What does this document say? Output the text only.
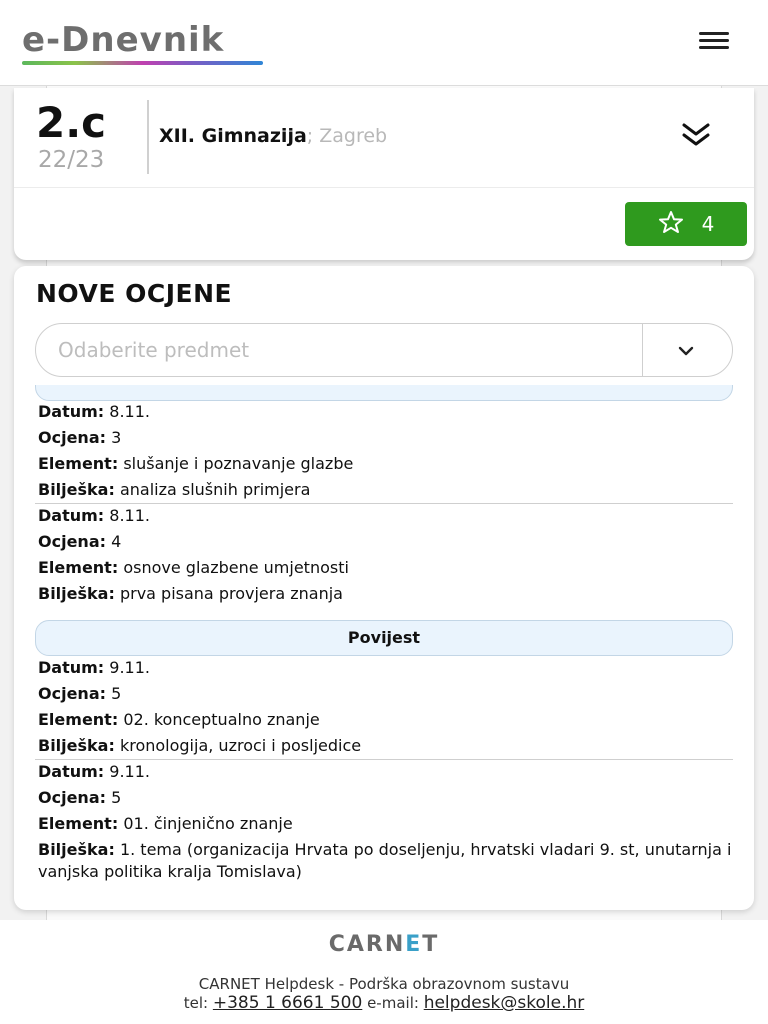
e-Dnevnik
2.c
22/23
XII. Gimnazija; Zagreb
4
NOVE OCJENE
Odaberite predmet
Datum: 8.11.
Ocjena: 3
Element: slušanje i poznavanje glazbe
Bilješka: analiza slušnih primjera
Datum: 8.11.
Ocjena: 4
Element: osnove glazbene umjetnosti
Bilješka: prva pisana provjera znanja
Povijest
Datum: 9.11.
Ocjena: 5
Element: 02. konceptualno znanje
Bilješka: kronologija, uzroci i posljedice
Datum: 9.11.
Ocjena: 5
Element: 01. činjenično znanje
Bilješka: 1. tema (organizacija Hrvata po doseljenju, hrvatski vladari 9. st, unutarnja i vanjska politika kralja Tomislava)
CARNET
CARNET Helpdesk - Podrška obrazovnom sustavu
tel: +385 1 6661 500 e-mail: helpdesk@skole.hr
